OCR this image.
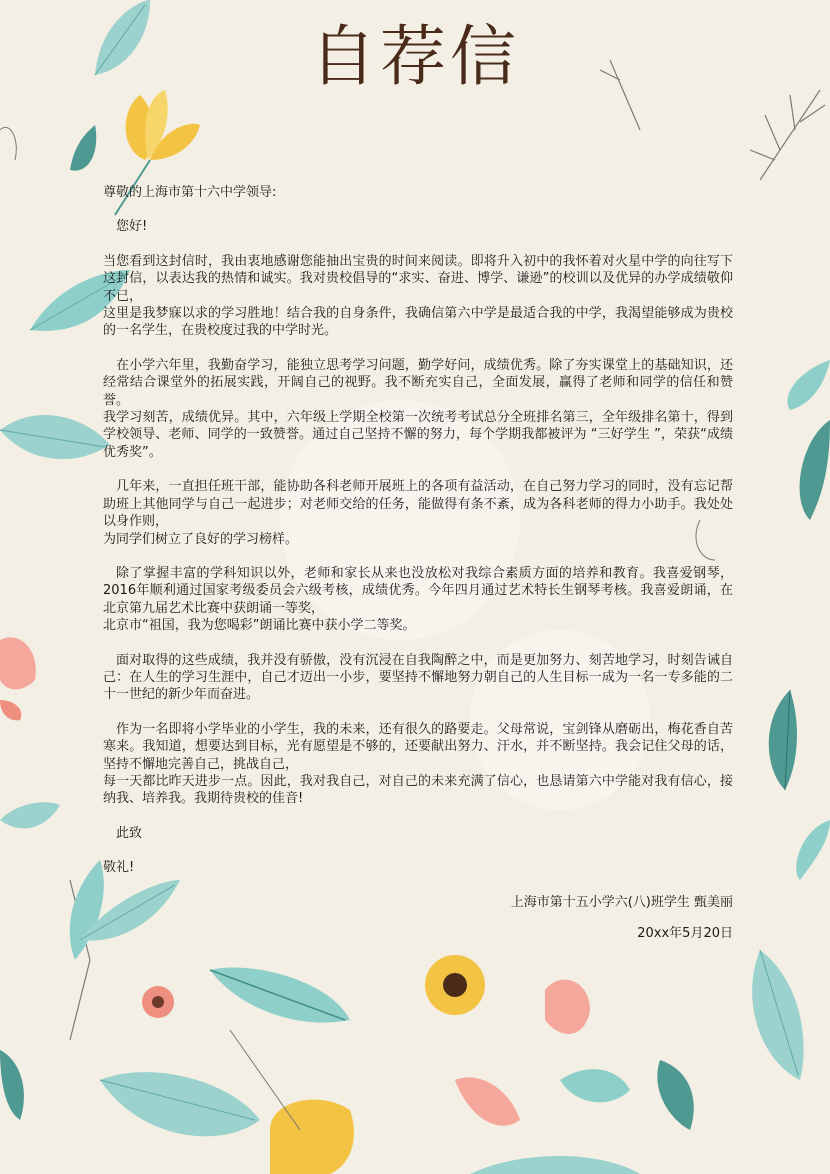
自荐信

尊敬的上海市第十六中学领导:

您好!

当您看到这封信时，我由衷地感谢您能抽出宝贵的时间来阅读。即将升入初中的我怀着对火星中学的向往写下这封信，以表达我的热情和诚实。我对贵校倡导的“求实、奋进、博学、谦逊”的校训以及优异的办学成绩敬仰不已，

这里是我梦寐以求的学习胜地！结合我的自身条件，我确信第六中学是最适合我的中学，我渴望能够成为贵校的一名学生，在贵校度过我的中学时光。

在小学六年里，我勤奋学习，能独立思考学习问题，勤学好问，成绩优秀。除了夯实课堂上的基础知识，还经常结合课堂外的拓展实践，开阔自己的视野。我不断充实自己，全面发展，赢得了老师和同学的信任和赞誉。

我学习刻苦，成绩优异。其中，六年级上学期全校第一次统考考试总分全班排名第三，全年级排名第十，得到学校领导、老师、同学的一致赞誉。通过自己坚持不懈的努力，每个学期我都被评为 “三好学生 ”，荣获“成绩优秀奖”。

几年来，一直担任班干部，能协助各科老师开展班上的各项有益活动，在自己努力学习的同时，没有忘记帮助班上其他同学与自己一起进步；对老师交给的任务，能做得有条不紊，成为各科老师的得力小助手。我处处以身作则，

为同学们树立了良好的学习榜样。

除了掌握丰富的学科知识以外，老师和家长从来也没放松对我综合素质方面的培养和教育。我喜爱钢琴，2016年顺利通过国家考级委员会六级考核，成绩优秀。今年四月通过艺术特长生钢琴考核。我喜爱朗诵，在北京第九届艺术比赛中获朗诵一等奖，

北京市“祖国，我为您喝彩”朗诵比赛中获小学二等奖。

面对取得的这些成绩，我并没有骄傲，没有沉浸在自我陶醉之中，而是更加努力、刻苦地学习，时刻告诫自己：在人生的学习生涯中，自己才迈出一小步，要坚持不懈地努力朝自己的人生目标一成为一名一专多能的二十一世纪的新少年而奋进。

作为一名即将小学毕业的小学生，我的未来，还有很久的路要走。父母常说，宝剑锋从磨砺出，梅花香自苦寒来。我知道，想要达到目标，光有愿望是不够的，还要献出努力、汗水，并不断坚持。我会记住父母的话，坚持不懈地完善自己，挑战自己，

每一天都比昨天进步一点。因此，我对我自己，对自己的未来充满了信心，也恳请第六中学能对我有信心，接纳我、培养我。我期待贵校的佳音!

此致

敬礼!

上海市第十五小学六(八)班学生 甄美丽

20xx年5月20日
